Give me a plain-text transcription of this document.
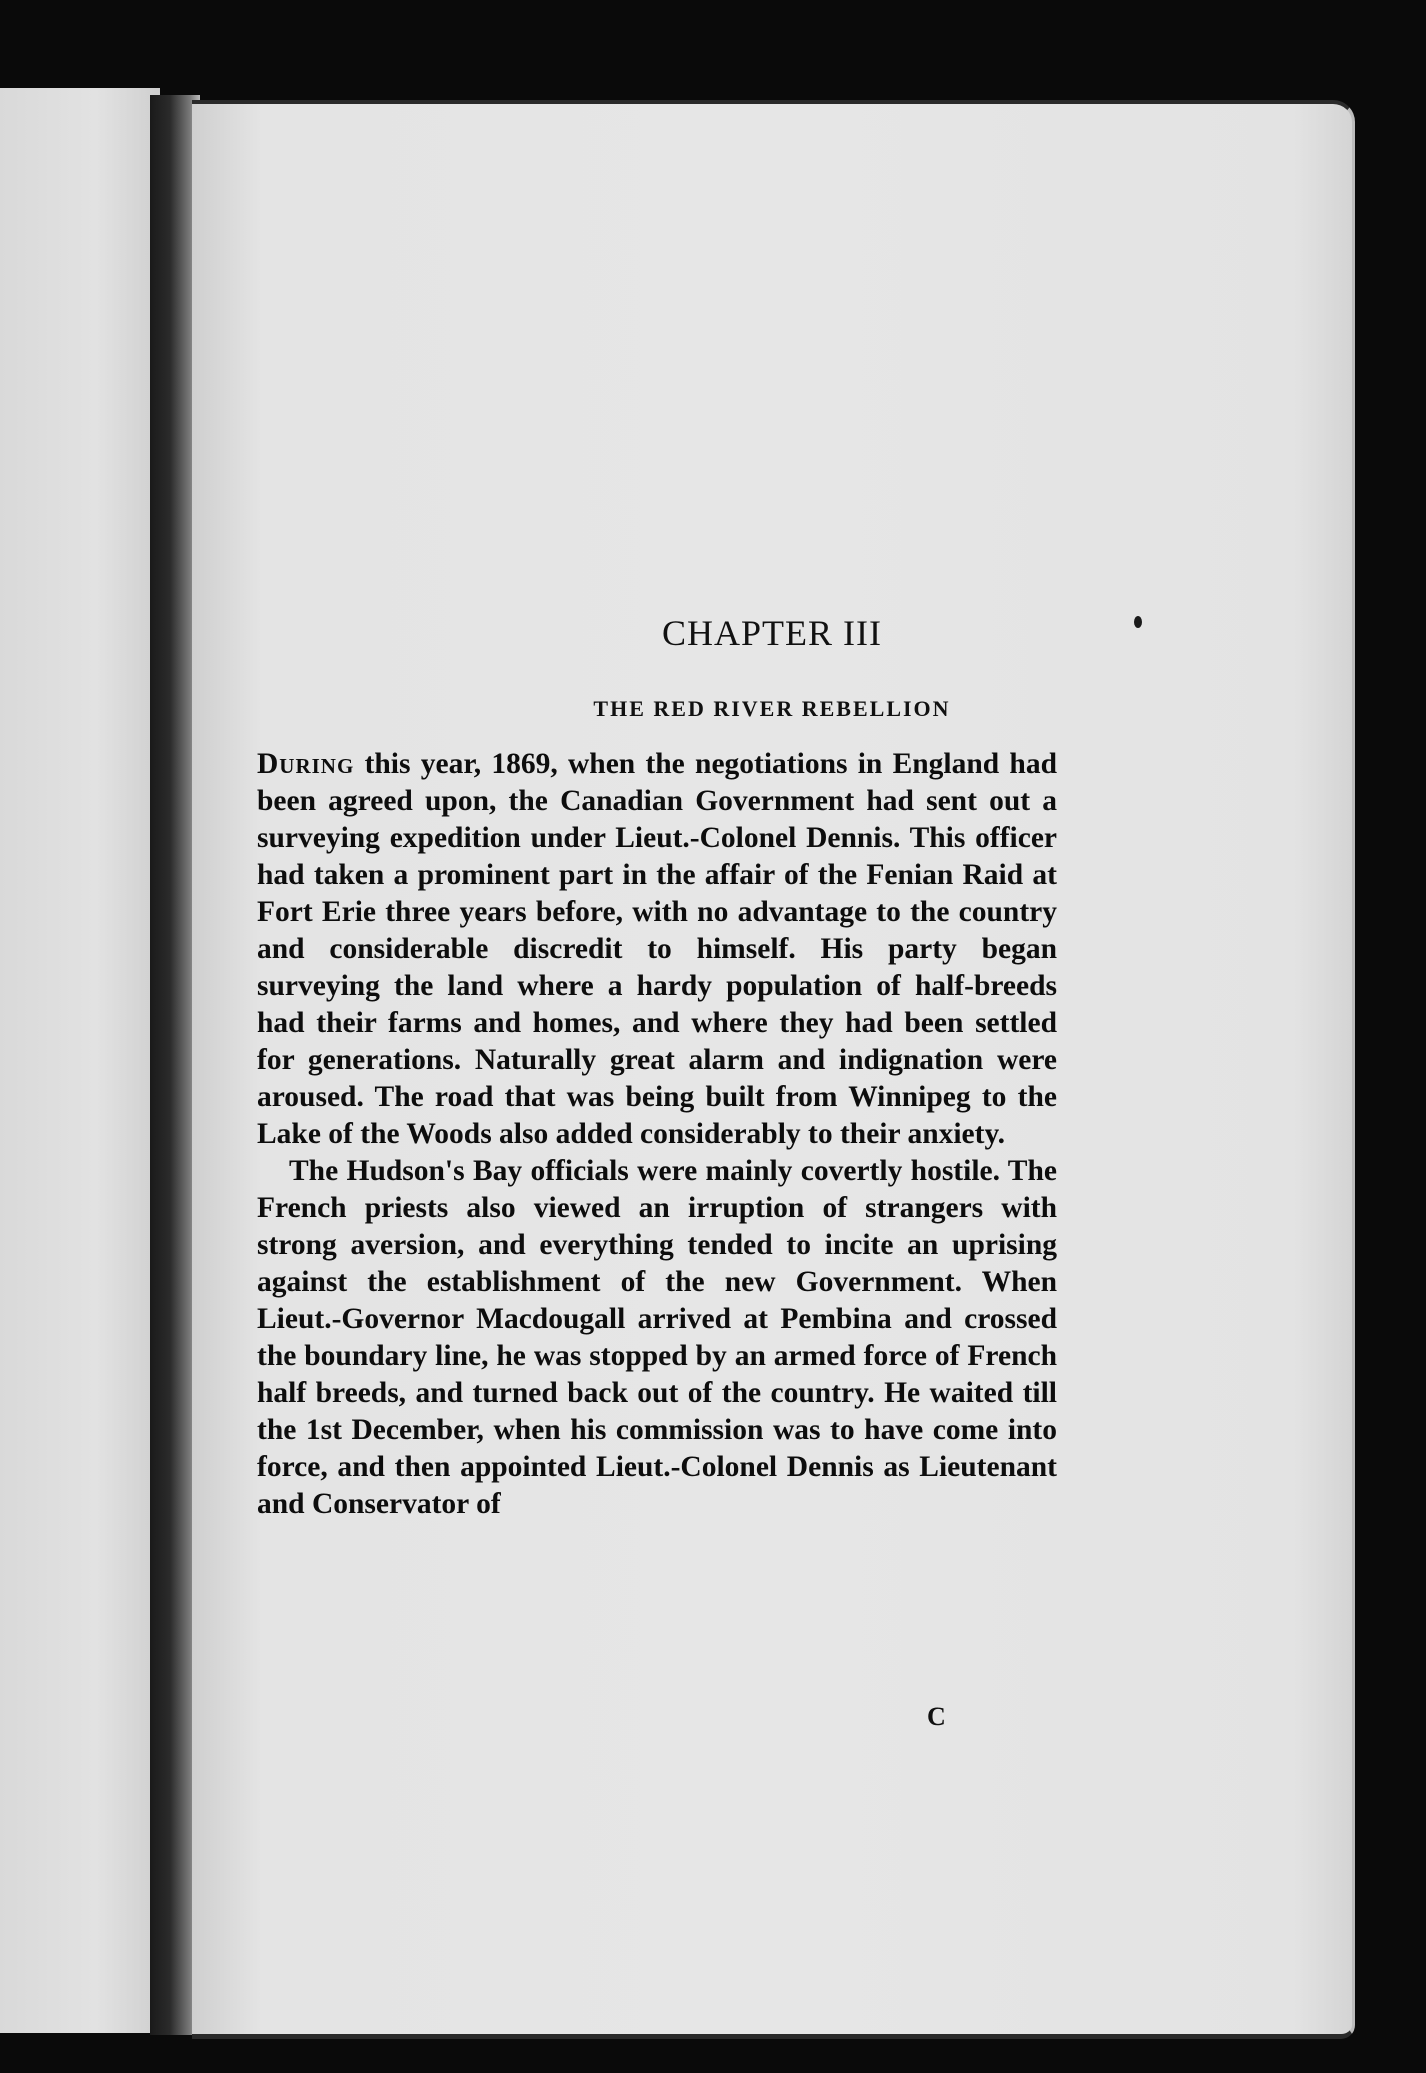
CHAPTER III
THE RED RIVER REBELLION

During this year, 1869, when the negotiations in England had been agreed upon, the Canadian Government had sent out a surveying expedition under Lieut.-Colonel Dennis. This officer had taken a prominent part in the affair of the Fenian Raid at Fort Erie three years before, with no advantage to the country and considerable discredit to himself. His party began surveying the land where a hardy population of half-breeds had their farms and homes, and where they had been settled for generations. Naturally great alarm and indignation were aroused. The road that was being built from Winnipeg to the Lake of the Woods also added considerably to their anxiety.

The Hudson's Bay officials were mainly covertly hostile. The French priests also viewed an irruption of strangers with strong aversion, and everything tended to incite an uprising against the establishment of the new Government. When Lieut.-Governor Macdougall arrived at Pembina and crossed the boundary line, he was stopped by an armed force of French half breeds, and turned back out of the country. He waited till the 1st December, when his commission was to have come into force, and then appointed Lieut.-Colonel Dennis as Lieutenant and Conservator of

C
